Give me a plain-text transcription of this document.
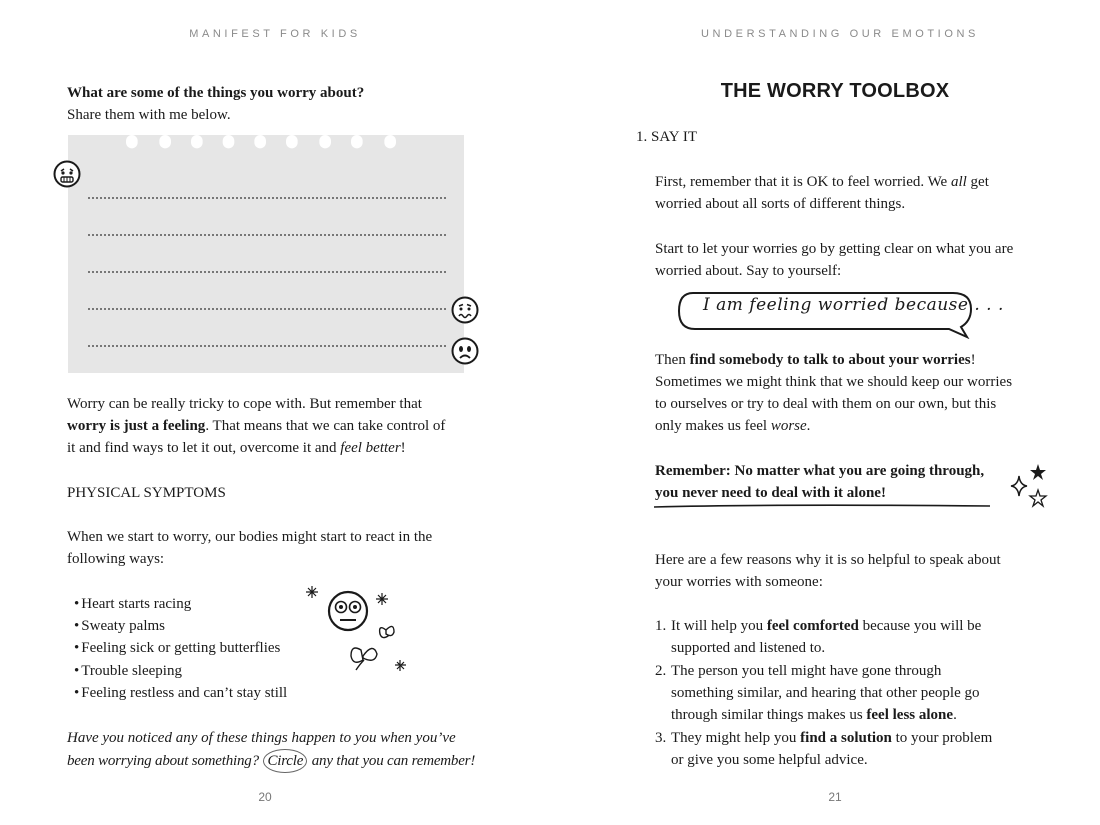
MANIFEST FOR KIDS
What are some of the things you worry about?
Share them with me below.
Worry can be really tricky to cope with. But remember that
worry is just a feeling. That means that we can take control of
it and find ways to let it out, overcome it and feel better!
PHYSICAL SYMPTOMS
When we start to worry, our bodies might start to react in the
following ways:
• Heart starts racing
• Sweaty palms
• Feeling sick or getting butterflies
• Trouble sleeping
• Feeling restless and can’t stay still
Have you noticed any of these things happen to you when you’ve
been worrying about something? Circle any that you can remember!
20
UNDERSTANDING OUR EMOTIONS
THE WORRY TOOLBOX
21
1. SAY IT
First, remember that it is OK to feel worried. We all get
worried about all sorts of different things.
Start to let your worries go by getting clear on what you are
worried about. Say to yourself:
I am feeling worried because . . .
Then find somebody to talk to about your worries!
Sometimes we might think that we should keep our worries
to ourselves or try to deal with them on our own, but this
only makes us feel worse.
Remember: No matter what you are going through,
you never need to deal with it alone!
Here are a few reasons why it is so helpful to speak about
your worries with someone:
1. It will help you feel comforted because you will be
supported and listened to.
2. The person you tell might have gone through
something similar, and hearing that other people go
through similar things makes us feel less alone.
3. They might help you find a solution to your problem
or give you some helpful advice.
